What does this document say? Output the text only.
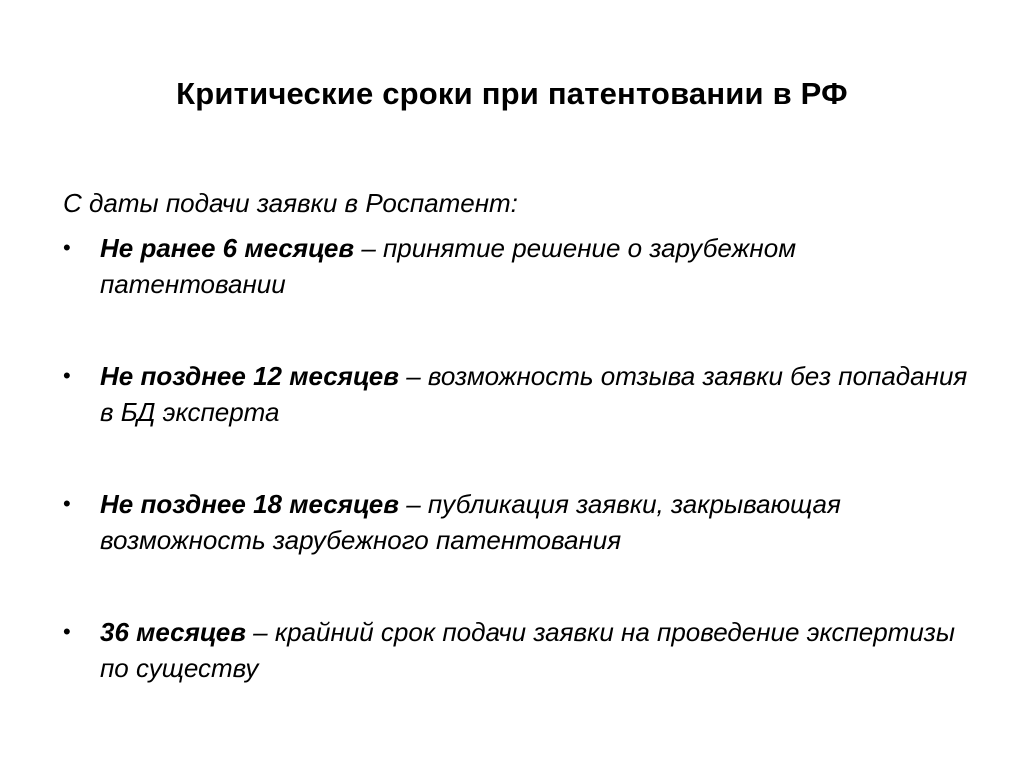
Критические сроки при патентовании в РФ
С даты подачи заявки в Роспатент:
• Не ранее 6 месяцев – принятие решение о зарубежном патентовании
• Не позднее 12 месяцев – возможность отзыва заявки без попадания в БД эксперта
• Не позднее 18 месяцев – публикация заявки, закрывающая возможность зарубежного патентования
• 36 месяцев – крайний срок подачи заявки на проведение экспертизы по существу
